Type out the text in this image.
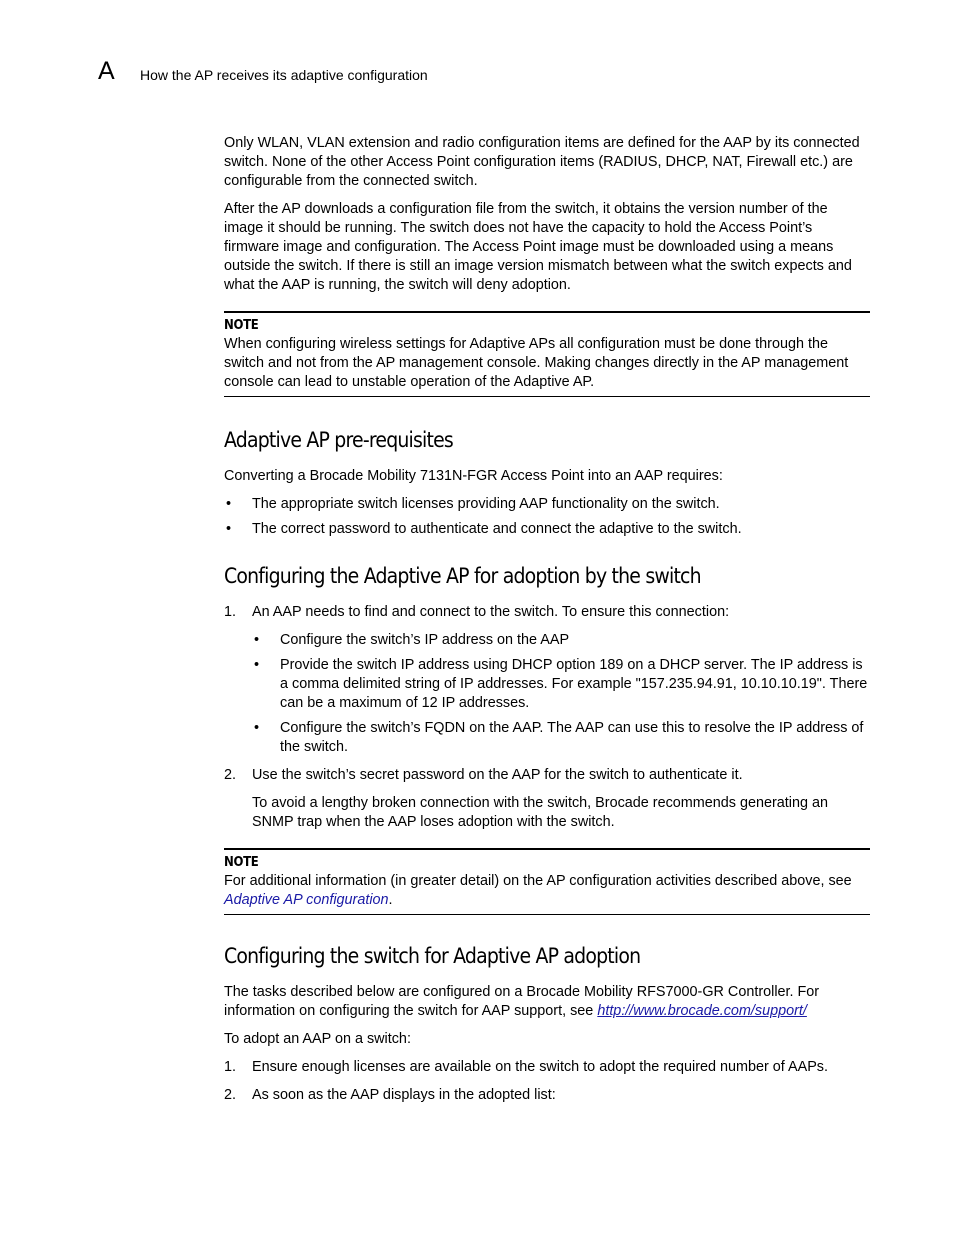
A How the AP receives its adaptive configuration

Only WLAN, VLAN extension and radio configuration items are defined for the AAP by its connected switch. None of the other Access Point configuration items (RADIUS, DHCP, NAT, Firewall etc.) are configurable from the connected switch.

After the AP downloads a configuration file from the switch, it obtains the version number of the image it should be running. The switch does not have the capacity to hold the Access Point’s firmware image and configuration. The Access Point image must be downloaded using a means outside the switch. If there is still an image version mismatch between what the switch expects and what the AAP is running, the switch will deny adoption.

NOTE
When configuring wireless settings for Adaptive APs all configuration must be done through the switch and not from the AP management console. Making changes directly in the AP management console can lead to unstable operation of the Adaptive AP.
Adaptive AP pre-requisites

Converting a Brocade Mobility 7131N-FGR Access Point into an AAP requires:

• The appropriate switch licenses providing AAP functionality on the switch.
• The correct password to authenticate and connect the adaptive to the switch.
Configuring the Adaptive AP for adoption by the switch
1. An AAP needs to find and connect to the switch. To ensure this connection:
• Configure the switch’s IP address on the AAP
• Provide the switch IP address using DHCP option 189 on a DHCP server. The IP address is a comma delimited string of IP addresses. For example "157.235.94.91, 10.10.10.19". There can be a maximum of 12 IP addresses.
• Configure the switch’s FQDN on the AAP. The AAP can use this to resolve the IP address of the switch.
2. Use the switch’s secret password on the AAP for the switch to authenticate it.

To avoid a lengthy broken connection with the switch, Brocade recommends generating an SNMP trap when the AAP loses adoption with the switch.

NOTE
For additional information (in greater detail) on the AP configuration activities described above, see Adaptive AP configuration.
Configuring the switch for Adaptive AP adoption

The tasks described below are configured on a Brocade Mobility RFS7000-GR Controller. For information on configuring the switch for AAP support, see http://www.brocade.com/support/

To adopt an AAP on a switch:

1. Ensure enough licenses are available on the switch to adopt the required number of AAPs.
2. As soon as the AAP displays in the adopted list:
